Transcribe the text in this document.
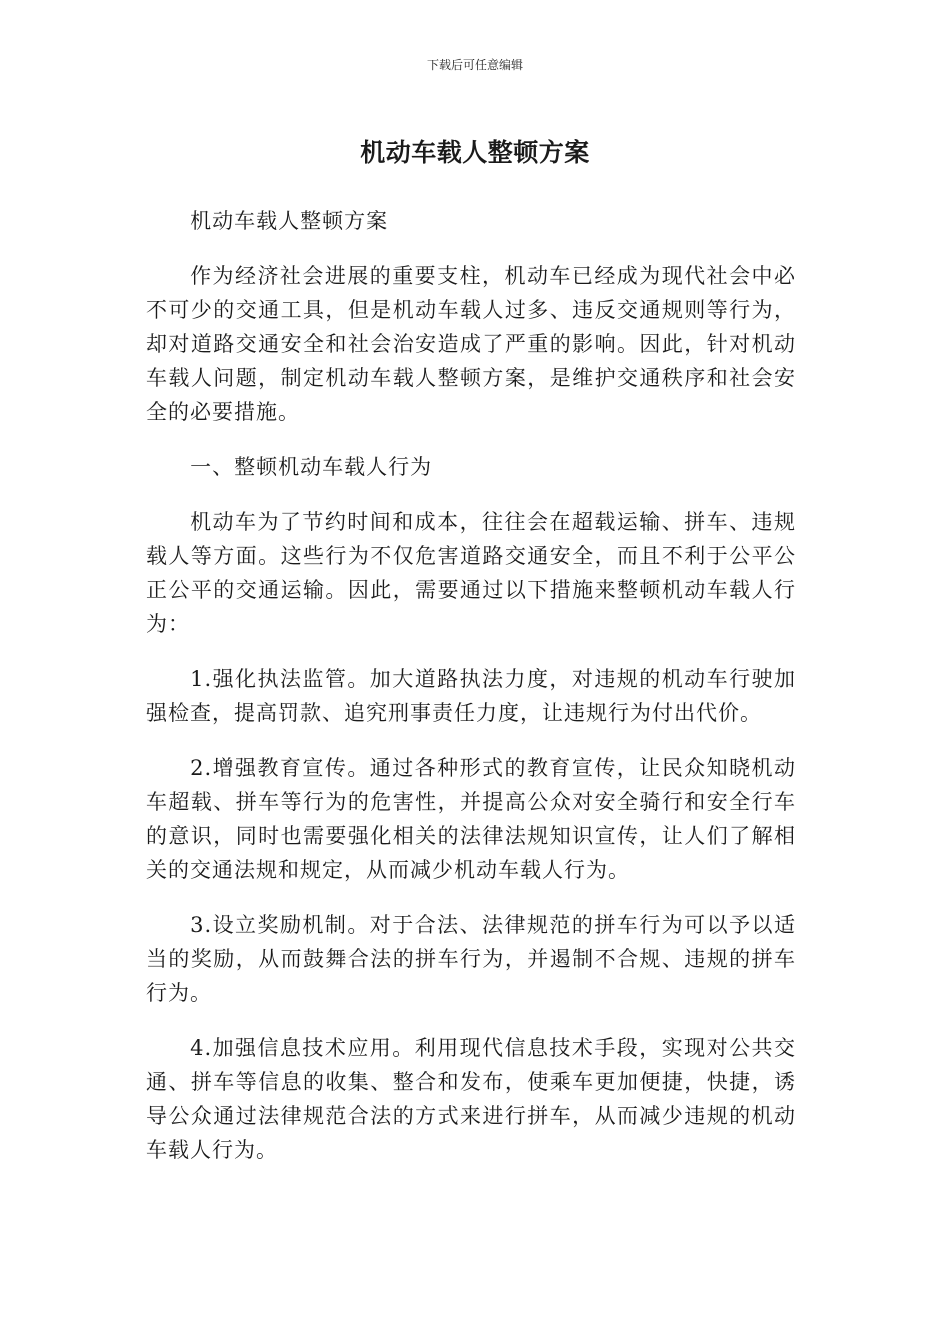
下载后可任意编辑
机动车载人整顿方案

机动车载人整顿方案

作为经济社会进展的重要支柱，机动车已经成为现代社会中必不可少的交通工具，但是机动车载人过多、违反交通规则等行为，却对道路交通安全和社会治安造成了严重的影响。因此，针对机动车载人问题，制定机动车载人整顿方案，是维护交通秩序和社会安全的必要措施。

一、整顿机动车载人行为

机动车为了节约时间和成本，往往会在超载运输、拼车、违规载人等方面。这些行为不仅危害道路交通安全，而且不利于公平公正公平的交通运输。因此，需要通过以下措施来整顿机动车载人行为：

1.强化执法监管。加大道路执法力度，对违规的机动车行驶加强检查，提高罚款、追究刑事责任力度，让违规行为付出代价。

2.增强教育宣传。通过各种形式的教育宣传，让民众知晓机动车超载、拼车等行为的危害性，并提高公众对安全骑行和安全行车的意识，同时也需要强化相关的法律法规知识宣传，让人们了解相关的交通法规和规定，从而减少机动车载人行为。

3.设立奖励机制。对于合法、法律规范的拼车行为可以予以适当的奖励，从而鼓舞合法的拼车行为，并遏制不合规、违规的拼车行为。

4.加强信息技术应用。利用现代信息技术手段，实现对公共交通、拼车等信息的收集、整合和发布，使乘车更加便捷，快捷，诱导公众通过法律规范合法的方式来进行拼车，从而减少违规的机动车载人行为。
